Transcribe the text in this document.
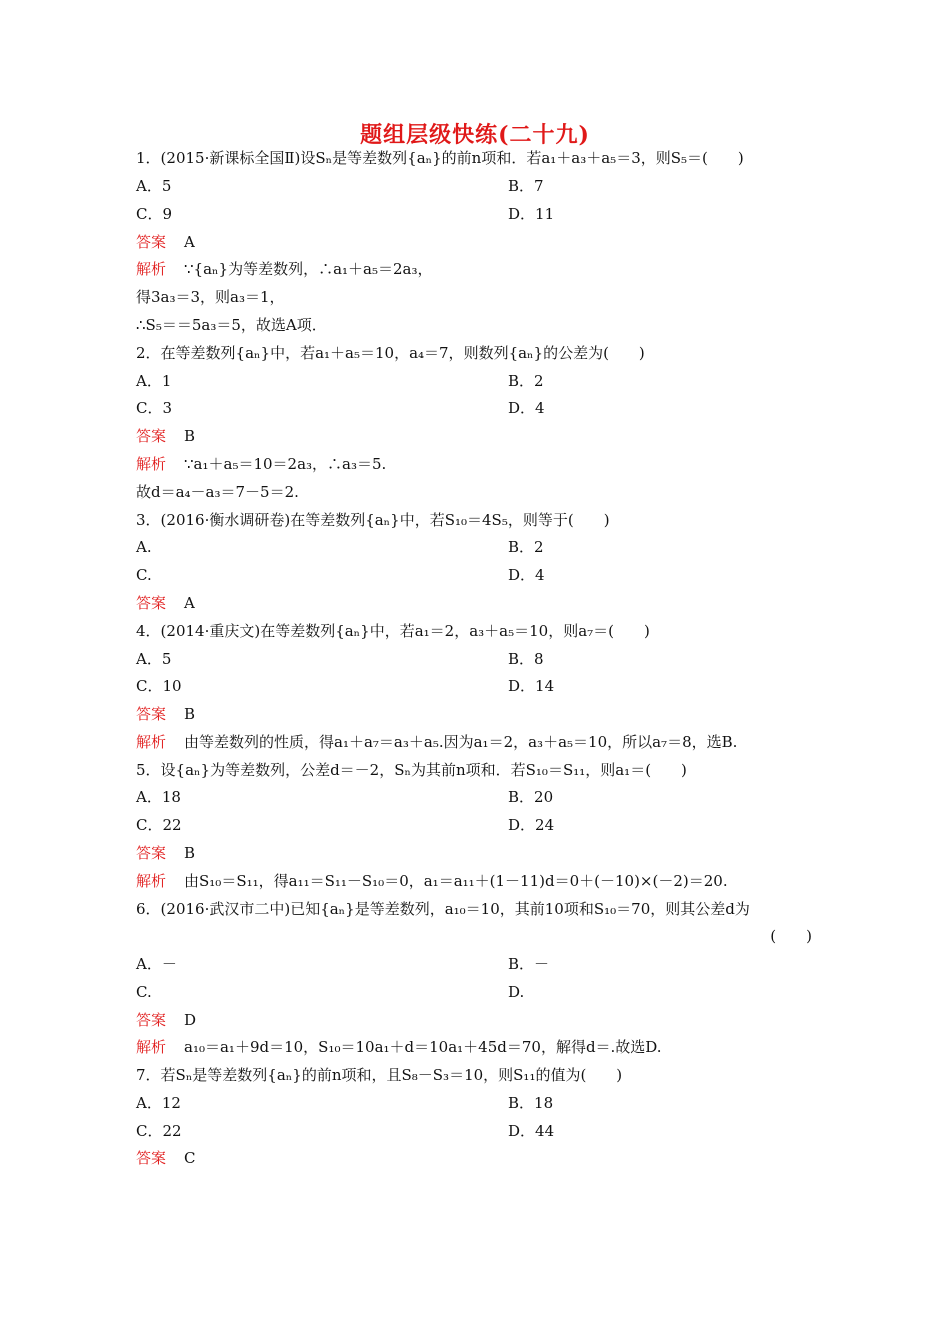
题组层级快练(二十九)
1．(2015·新课标全国Ⅱ)设Sₙ是等差数列{aₙ}的前n项和．若a₁＋a₃＋a₅＝3，则S₅＝(　　)
A．5	B．7
C．9	D．11
答案 A
解析 ∵{aₙ}为等差数列，∴a₁＋a₅＝2a₃，
得3a₃＝3，则a₃＝1，
∴S₅＝＝5a₃＝5，故选A项．
2．在等差数列{aₙ}中，若a₁＋a₅＝10，a₄＝7，则数列{aₙ}的公差为(　　)
A．1	B．2
C．3	D．4
答案 B
解析 ∵a₁＋a₅＝10＝2a₃，∴a₃＝5.
故d＝a₄－a₃＝7－5＝2.
3．(2016·衡水调研卷)在等差数列{aₙ}中，若S₁₀＝4S₅，则等于(　　)
A.	B．2
C.	D．4
答案 A
4．(2014·重庆文)在等差数列{aₙ}中，若a₁＝2，a₃＋a₅＝10，则a₇＝(　　)
A．5	B．8
C．10	D．14
答案 B
解析 由等差数列的性质，得a₁＋a₇＝a₃＋a₅.因为a₁＝2，a₃＋a₅＝10，所以a₇＝8，选B.
5．设{aₙ}为等差数列，公差d＝－2，Sₙ为其前n项和．若S₁₀＝S₁₁，则a₁＝(　　)
A．18	B．20
C．22	D．24
答案 B
解析 由S₁₀＝S₁₁，得a₁₁＝S₁₁－S₁₀＝0，a₁＝a₁₁＋(1－11)d＝0＋(－10)×(－2)＝20.
6．(2016·武汉市二中)已知{aₙ}是等差数列，a₁₀＝10，其前10项和S₁₀＝70，则其公差d为
(　　)
A．－	B．－
C.	D.
答案 D
解析 a₁₀＝a₁＋9d＝10，S₁₀＝10a₁＋d＝10a₁＋45d＝70，解得d＝.故选D.
7．若Sₙ是等差数列{aₙ}的前n项和，且S₈－S₃＝10，则S₁₁的值为(　　)
A．12	B．18
C．22	D．44
答案 C
